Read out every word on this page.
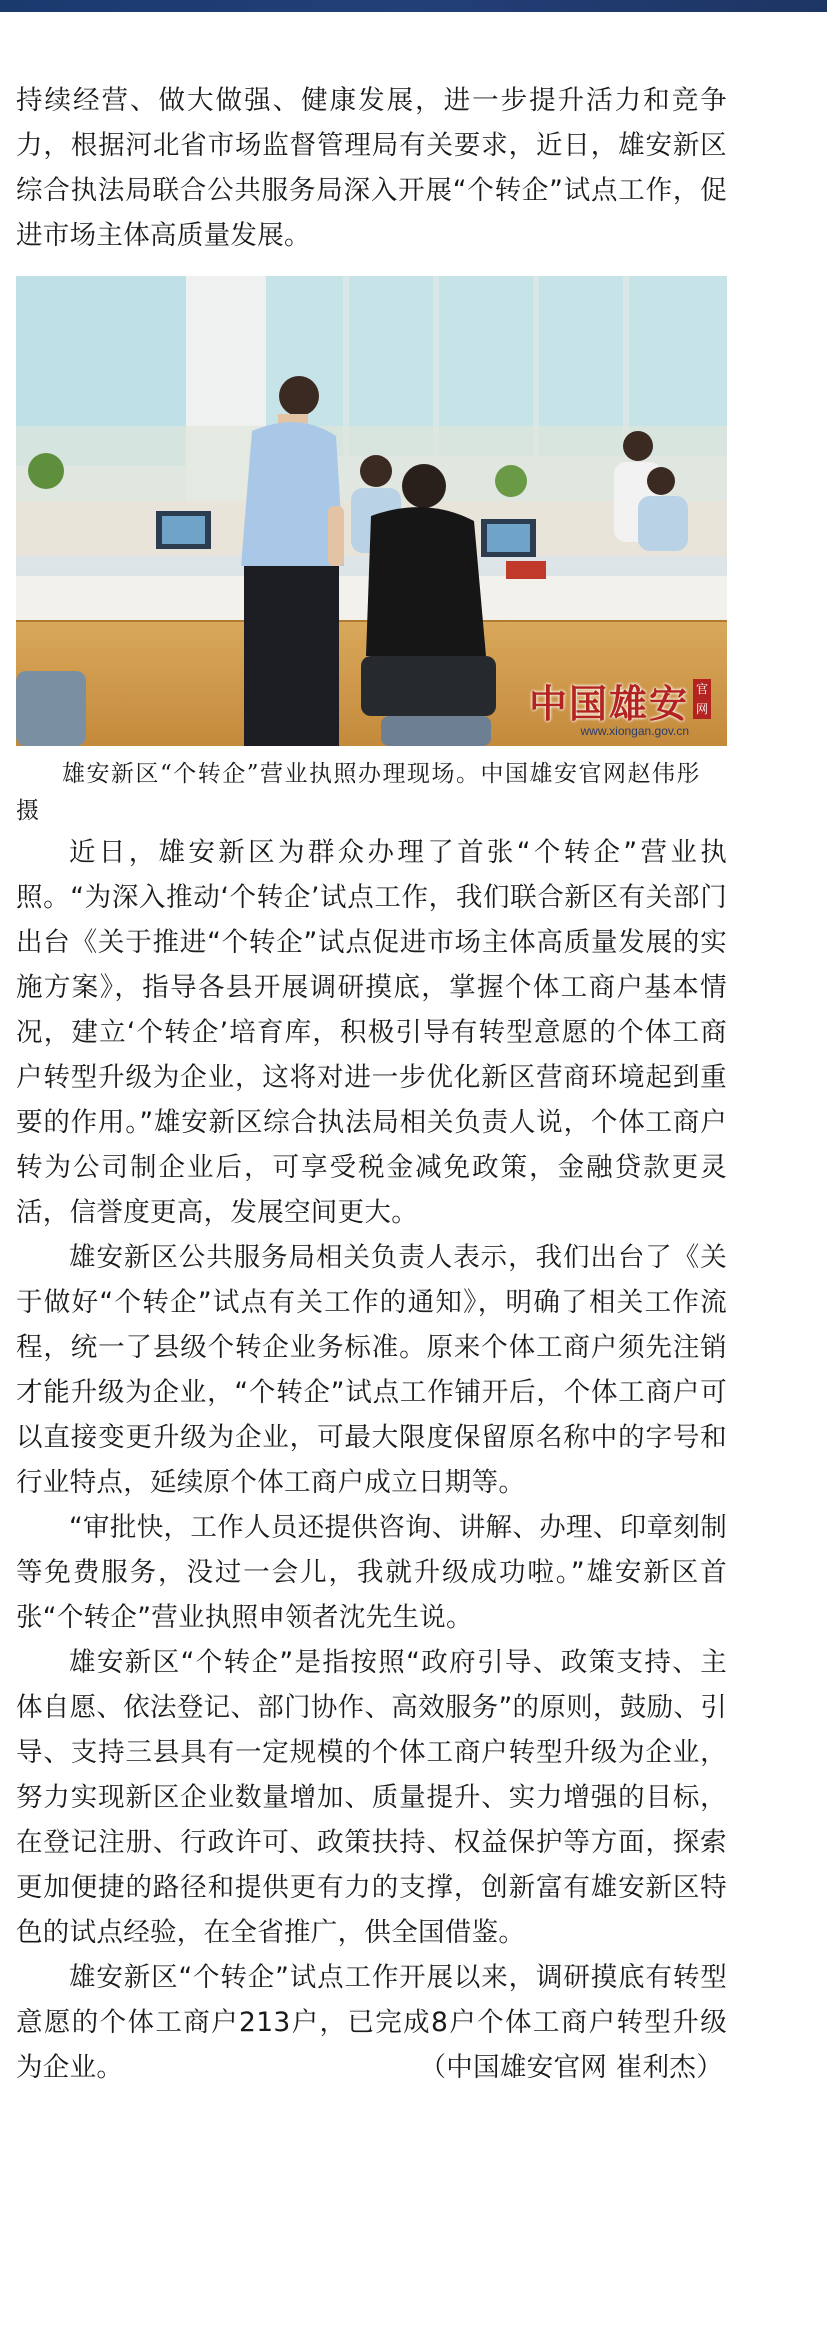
持续经营、做大做强、健康发展，进一步提升活力和竞争力，根据河北省市场监督管理局有关要求，近日，雄安新区综合执法局联合公共服务局深入开展“个转企”试点工作，促进市场主体高质量发展。

中国雄安 官网
www.xiongan.gov.cn

雄安新区“个转企”营业执照办理现场。中国雄安官网赵伟彤 摄

近日，雄安新区为群众办理了首张“个转企”营业执照。“为深入推动‘个转企’试点工作，我们联合新区有关部门出台《关于推进“个转企”试点促进市场主体高质量发展的实施方案》，指导各县开展调研摸底，掌握个体工商户基本情况，建立‘个转企’培育库，积极引导有转型意愿的个体工商户转型升级为企业，这将对进一步优化新区营商环境起到重要的作用。”雄安新区综合执法局相关负责人说，个体工商户转为公司制企业后，可享受税金减免政策，金融贷款更灵活，信誉度更高，发展空间更大。

雄安新区公共服务局相关负责人表示，我们出台了《关于做好“个转企”试点有关工作的通知》，明确了相关工作流程，统一了县级个转企业务标准。原来个体工商户须先注销才能升级为企业，“个转企”试点工作铺开后，个体工商户可以直接变更升级为企业，可最大限度保留原名称中的字号和行业特点，延续原个体工商户成立日期等。

“审批快，工作人员还提供咨询、讲解、办理、印章刻制等免费服务，没过一会儿，我就升级成功啦。”雄安新区首张“个转企”营业执照申领者沈先生说。

雄安新区“个转企”是指按照“政府引导、政策支持、主体自愿、依法登记、部门协作、高效服务”的原则，鼓励、引导、支持三县具有一定规模的个体工商户转型升级为企业，努力实现新区企业数量增加、质量提升、实力增强的目标，在登记注册、行政许可、政策扶持、权益保护等方面，探索更加便捷的路径和提供更有力的支撑，创新富有雄安新区特色的试点经验，在全省推广，供全国借鉴。

雄安新区“个转企”试点工作开展以来，调研摸底有转型意愿的个体工商户213户，已完成8户个体工商户转型升级为企业。	（中国雄安官网 崔利杰）
